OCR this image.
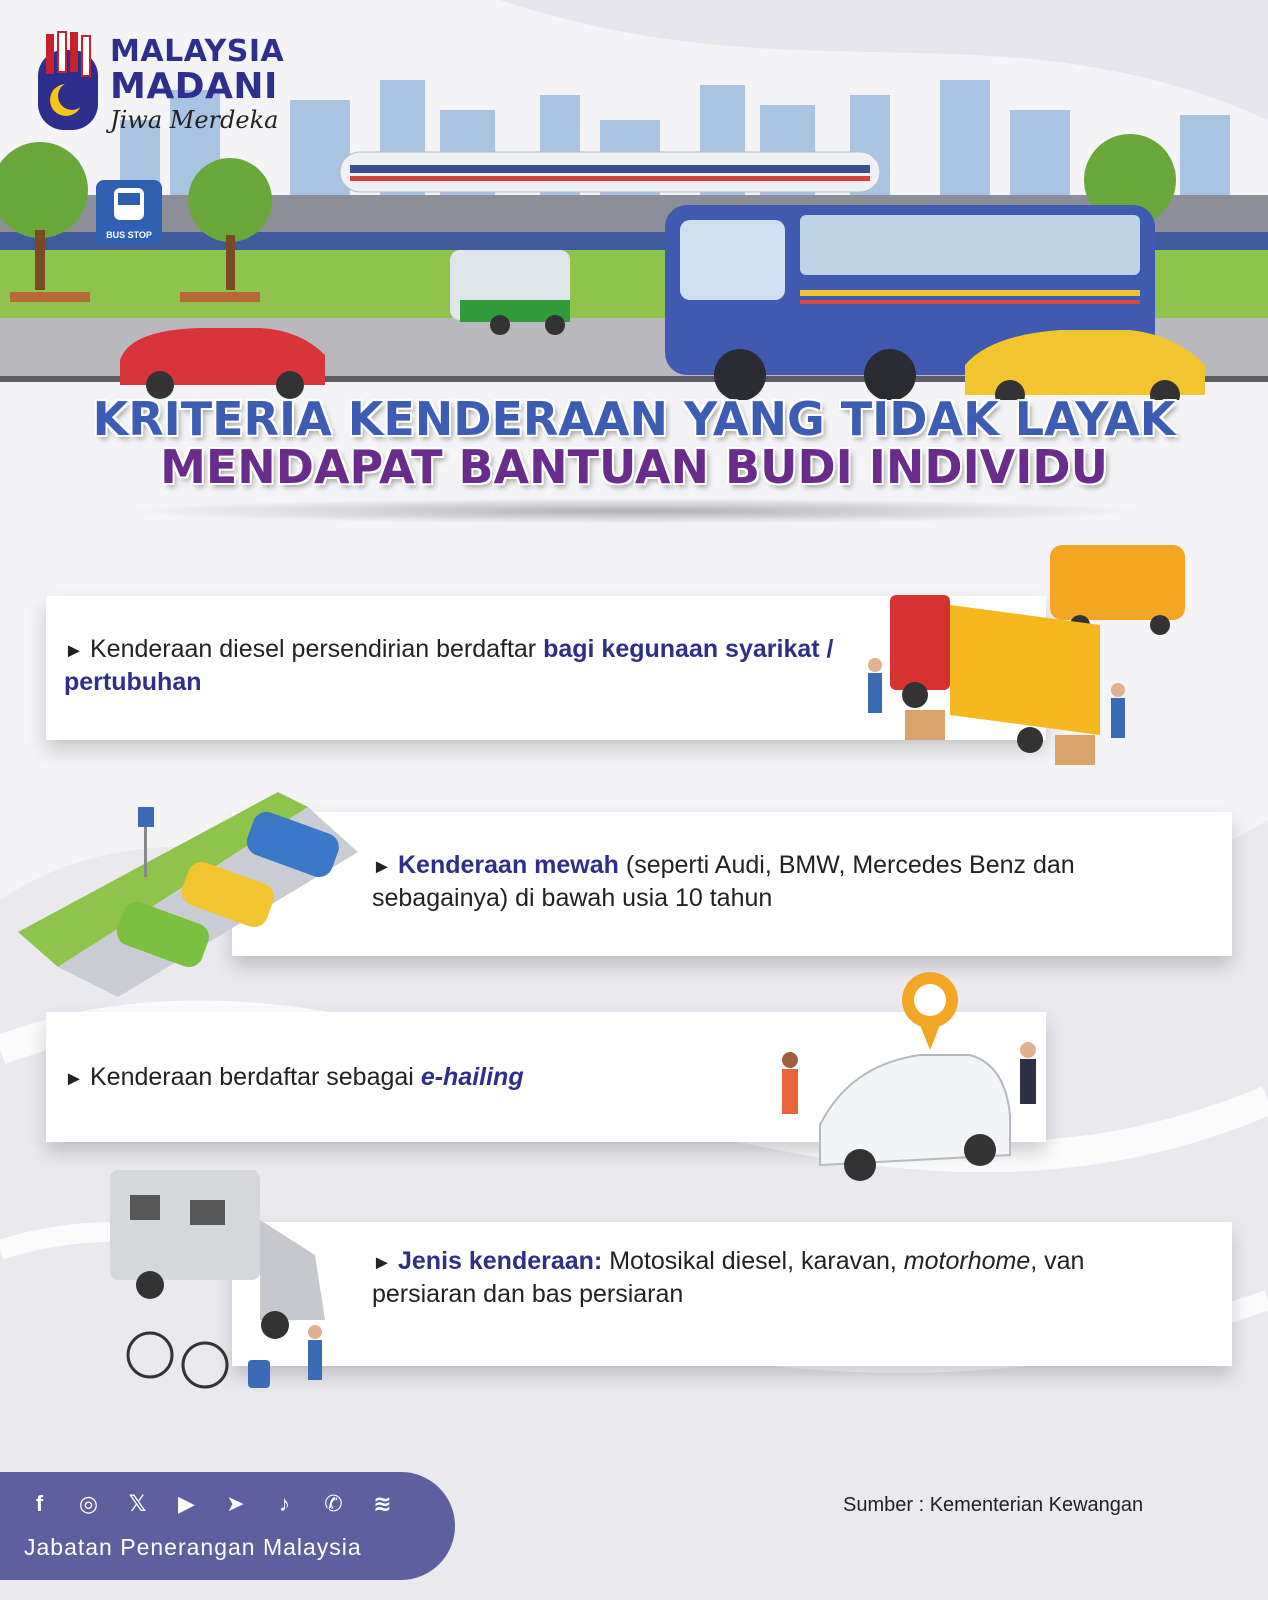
MALAYSIA
MADANI
Jiwa Merdeka
BUS STOP
KRITERIA KENDERAAN YANG TIDAK LAYAK
MENDAPAT BANTUAN BUDI INDIVIDU
► Kenderaan diesel persendirian berdaftar bagi kegunaan syarikat / pertubuhan
► Kenderaan mewah (seperti Audi, BMW, Mercedes Benz dan sebagainya) di bawah usia 10 tahun
► Kenderaan berdaftar sebagai e-hailing
► Jenis kenderaan: Motosikal diesel, karavan, motorhome, van persiaran dan bas persiaran
f	◎	𝕏	▶	➤	♪	✆	≋
Jabatan Penerangan Malaysia
Sumber : Kementerian Kewangan
